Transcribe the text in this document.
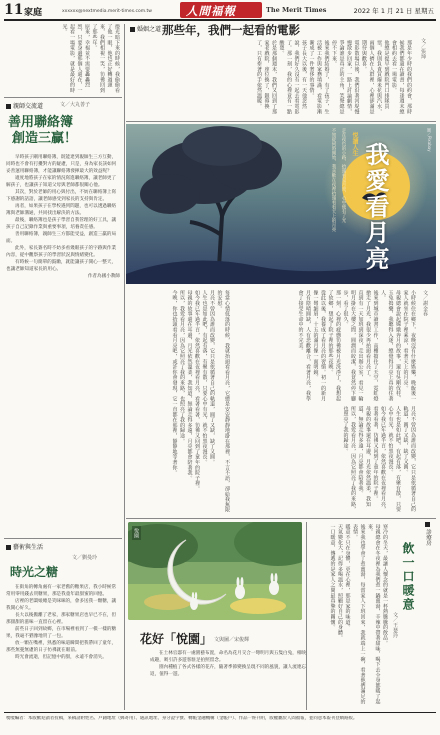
11 家庭	xxxxxx@nextmedia.merit-times.com.tw	人間福報	The Merit Times	2022 年 1 月 21 日 星期五

燈光暗下來的時候，我偷偷看了他一眼，他也正好轉過頭來，我們相視一笑，彷彿回到了那些年。

原來，幸福並不需要轟轟烈烈，只要身邊那個人還在，一起看一場電影，就是最好的時光。

親師交流道	文／大丸善子
善用聯絡簿
創造三贏！

早時孩子剛用聯絡簿，既能達到親師生三方互動，同時也不會有打擾對方的疑慮，只是，身為家長該如何妥善運用聯絡簿，才能讓聯絡簿發揮最大的效益呢？

適度地將孩子在家的情況寫進聯絡簿，讓老師更了解孩子，也讓孩子知道父母與老師都很關心他。

其次，對於老師的用心與付出，不妨在聯絡簿上寫下感謝的話語，讓老師感受到家長的支持與肯定。

再者，如果孩子在學校遇到問題，也可以透過聯絡簿與老師溝通，共同找出解決的方法。

最後，聯絡簿也是孩子學習自我管理的好工具，讓孩子自己記錄作業與重要事項，培養責任感。

善用聯絡簿，親師生三方都能受益，創造三贏的局面。

此外，家長簽名時不妨多看幾眼孩子的字跡與作業內容，從中觀察孩子的學習狀況與情緒變化。

有時候一句簡單的鼓勵，就能讓孩子開心一整天，也讓老師知道家長的用心。

作者為國小教師

藝術與生活
文／劉曼玲
時光之糖

在街角的轉角處有一家老舊的糖果店，我小時候常常用零用錢去買糖果，那是我童年最甜蜜的回憶。

店裡的老闆娘總是笑咪咪的，會多送我一顆糖，讓我開心好久。

長大以後搬離了老家，那家糖果店也早已不在，但那甜甜的滋味一直留在心裡。

前些日子回到故鄉，在市場裡看到了一模一樣的糖果，我毫不猶豫地買了一包。

放一顆在嘴裡，熟悉的味道瞬間把我帶回了童年，那些無憂無慮的日子彷彿就在眼前。

時光會流逝，但記憶中的甜，永遠不會消失。

婚姻之道 那些年，我們一起看的電影
文／張坤

那是年少時的我們的約會，那時候我們都還在讀書，每逢週末總會相約去看一場電影。

他總是提早到戲院門口排隊買票，我則負責買爆米花與汽水，兩個人擠在人群裡，心裡卻滿是期待與歡喜。

電影散場以後，我們沿著河堤慢慢散步回家，一路上討論劇情，爭論誰是真正的主角，笑聲總是停不下來。

後來我們結婚了，有了孩子，生活被工作與家務填滿，看電影漸漸成了一件奢侈的事情。

孩子長大以後，有一天他忽然說，我們好久沒有一起去看電影了。那一刻，我的心裡竟有一點酸楚。

於是那個週末，我們又回到了那家老戲院，座位換了，銀幕換了，只有牽著的手依然溫暖。

悦讀人生 我愛看月亮
走在夜色的小路，抬頭看見月亮，心中便有了光
不知從何時開始，我喜歡在夜裡抬頭看看天上的月亮	圖／Pixabay
文／謝金春

小時候住在鄉下，夜晚沒有什麼娛樂，晚飯後一家人就坐在院子裡乘涼，看著天上的月亮。

母親總會說起嫦娥奔月的故事，還有吳剛伐桂、玉兔搗藥，我聽得入迷，總覺得月亮上真的住著人。

後來到城市讀書工作，高樓擋住了天空，霓虹燈搶走了月光，我很少再抬頭看月亮了。

直到有一天加班到深夜，走出辦公室，看見一輪明月掛在大樓之間，圓潤而皎潔，我竟然停下腳步，看了很久。

那一刻，心裡的疲憊彷彿被月光洗淨了，我想起了故鄉，想起了院子裡的那些夜晚。

從此以後，我養成了看月亮的習慣。初一的新月像一彎細眉，十五的滿月像一面明鏡。

月有陰晴圓缺，人有悲歡離合，看著月亮，我學會了接受生命中的不完美。

每當心情低落的時候，我就抬頭看看月亮，它總是安安靜靜地掛在那裡，不言不語，卻給我無限的安慰。

月亮不曾因為誰而改變，它只是依循著自己的軌道，圓了又缺，缺了又圓。

人生也是如此吧，有起有落，有聚有散，只要心中有光，就不怕黑夜漫長。

如今我已年過半百，依然喜歡在夜裡看月亮，看著看著，彷彿又回到了童年的院子裡。

母親的故事還在耳邊，月光依然溫柔，我知道，無論走得多遠，月亮都會陪著我。

所以，我愛看月亮，因為它照亮了我的來路，也照亮了我的歸途。

今晚，你也抬頭看看月亮吧，或許你會發現，它一直都在那裡，靜靜地等著你。	月亮不曾因為誰而改變，它只是依循著自己的軌道，圓了又缺，缺了又圓。

人生也是如此吧，有起有落，有聚有散，只要心中有光，就不怕黑夜漫長。

如今我已年過半百，依然喜歡在夜裡看月亮，看著看著，彷彿又回到了童年的院子裡。

母親的故事還在耳邊，月光依然溫柔，我知道，無論走得多遠，月亮都會陪著我。

所以，我愛看月亮，因為它照亮了我的來路，也照亮了我的歸途。

悅園
花好「悅園」 文與圖／宋俊輝

在土林官邸有一處園藝布置，命名為花月交合一彎明月與五隻白兔，相映成趣，吸引許多遊客駐足拍照留念。

園內種植了各式各樣的花卉，隨著季節變換呈現不同的風貌，讓人流連忘返，值得一遊。

診療房
飲一口暖意
文／王楚玲

寒冷的冬天，最讓人懷念的就是一杯熱騰騰的飲品。

母親總會在冬夜裡為我們煮一鍋薑湯，辛辣中帶著甜味，喝下去全身都暖了起來。

後來我也學會了煮薑湯，每當家人下班回來，我就端上一碗，看著他們滿足的表情。

暖意不只在身體，更在心裡，那是家的味道。

天氣變化大，記得多喝溫水，照顧好自己的身體。

一口暖意，傳遞的是家人之間最真摯的關懷。

噯噯編者：本版歡迎讀者投稿，來稿請附姓名、戶籍地址（郵寄用）、通訊地址、身分證字號、轉帳金融機構（金帳戶）、作品一經刊用，版權屬於人間福報，並同意本報刊登網路版。
